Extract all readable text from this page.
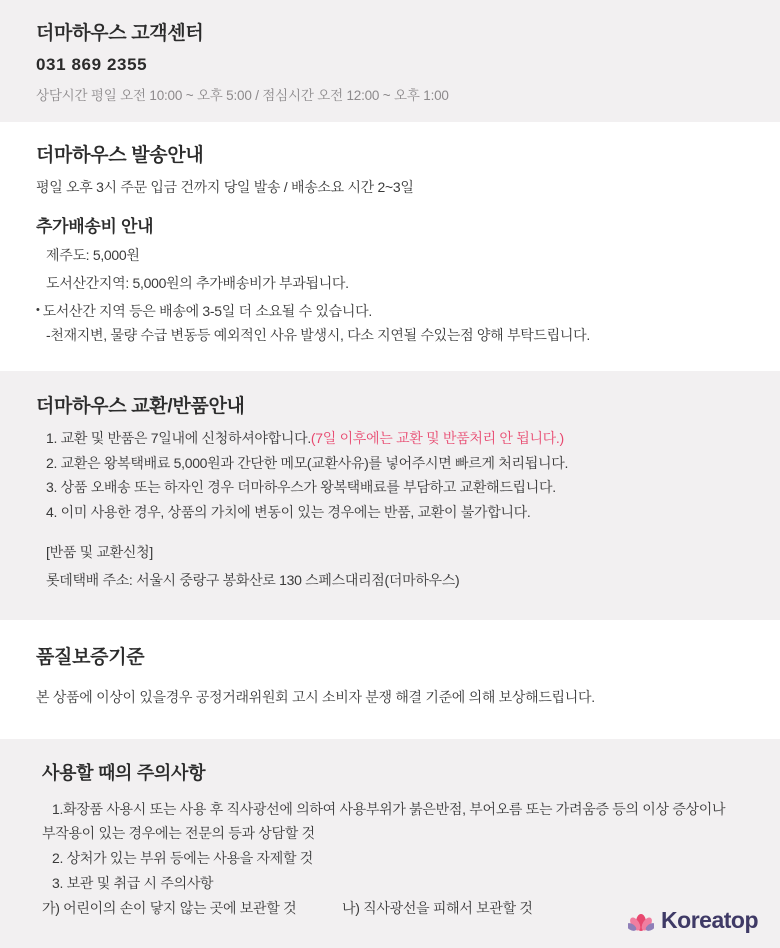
더마하우스 고객센터

031 869 2355

상담시간 평일 오전 10:00 ~ 오후 5:00 / 점심시간 오전 12:00 ~ 오후 1:00

더마하우스 발송안내

평일 오후 3시 주문 입금 건까지 당일 발송 / 배송소요 시간 2~3일

추가배송비 안내

제주도: 5,000원

도서산간지역: 5,000원의 추가배송비가 부과됩니다.

• 도서산간 지역 등은 배송에 3-5일 더 소요될 수 있습니다.

-천재지변, 물량 수급 변동등 예외적인 사유 발생시, 다소 지연될 수있는점 양해 부탁드립니다.

더마하우스 교환/반품안내

1. 교환 및 반품은 7일내에 신청하셔야합니다.(7일 이후에는 교환 및 반품처리 안 됩니다.)

2. 교환은 왕복택배료 5,000원과 간단한 메모(교환사유)를 넣어주시면 빠르게 처리됩니다.

3. 상품 오배송 또는 하자인 경우 더마하우스가 왕복택배료를 부담하고 교환해드립니다.

4. 이미 사용한 경우, 상품의 가치에 변동이 있는 경우에는 반품, 교환이 불가합니다.

[반품 및 교환신청]

롯데택배 주소: 서울시 중랑구 봉화산로 130 스페스대리점(더마하우스)

품질보증기준

본 상품에 이상이 있을경우 공정거래위원회 고시 소비자 분쟁 해결 기준에 의해 보상해드립니다.

사용할 때의 주의사항

1.화장품 사용시 또는 사용 후 직사광선에 의하여 사용부위가 붉은반점, 부어오름 또는 가려움증 등의 이상 증상이나

부작용이 있는 경우에는 전문의 등과 상담할 것

2. 상처가 있는 부위 등에는 사용을 자제할 것

3. 보관 및 취급 시 주의사항

가) 어린이의 손이 닿지 않는 곳에 보관할 것	나) 직사광선을 피해서 보관할 것	Koreatop
